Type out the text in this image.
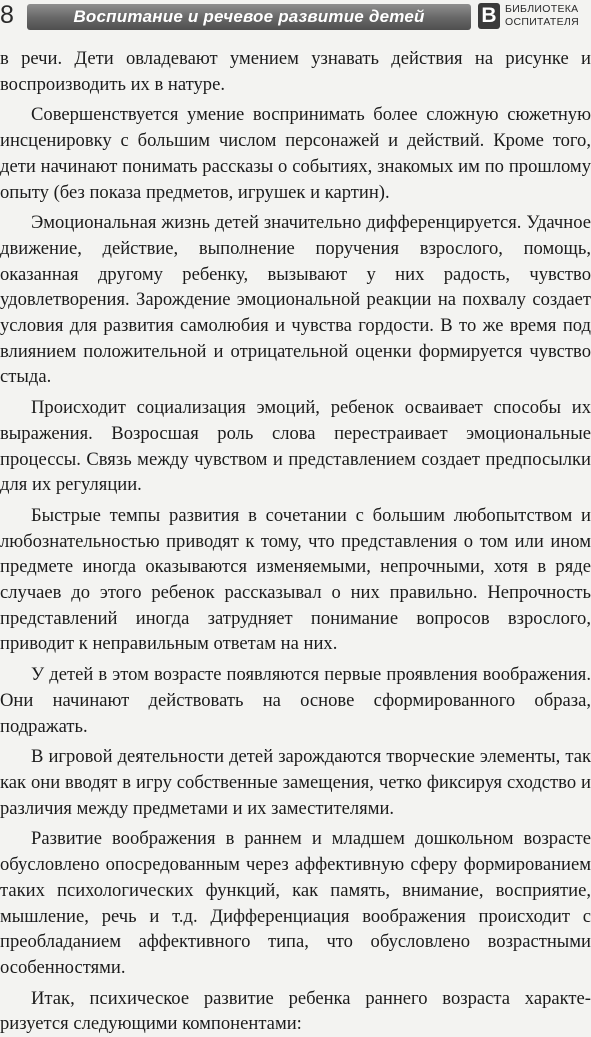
8	Воспитание и речевое развитие детей	В БИБЛИОТЕКА
ОСПИТАТЕЛЯ

в речи. Дети овладевают умением узнавать действия на рисунке и воспроизводить их в натуре.

Совершенствуется умение воспринимать более сложную сюжетную инсценировку с большим числом персонажей и действий. Кроме того, дети начинают понимать рассказы о событиях, знакомых им по прошлому опыту (без показа предметов, игрушек и картин).

Эмоциональная жизнь детей значительно дифференцируется. Удачное движение, действие, выполнение поручения взрослого, помощь, оказанная другому ребенку, вызывают у них радость, чувство удовлетворения. Зарождение эмоциональной реакции на похвалу создает условия для развития самолюбия и чувства гордости. В то же время под влиянием положительной и отрицательной оценки формируется чувство стыда.

Происходит социализация эмоций, ребенок осваивает способы их выражения. Возросшая роль слова перестраивает эмоциональные процессы. Связь между чувством и представлением создает предпосылки для их регуляции.

Быстрые темпы развития в сочетании с большим любопытством и любознательностью приводят к тому, что представления о том или ином предмете иногда оказываются изменяемыми, непрочными, хотя в ряде случаев до этого ребенок рассказывал о них правильно. Непрочность представлений иногда затрудняет понимание вопросов взрослого, приводит к неправильным ответам на них.

У детей в этом возрасте появляются первые проявления воображения. Они начинают действовать на основе сформированного образа, подражать.

В игровой деятельности детей зарождаются творческие элементы, так как они вводят в игру собственные замещения, четко фиксируя сходство и различия между предметами и их заместителями.

Развитие воображения в раннем и младшем дошкольном возрасте обусловлено опосредованным через аффективную сферу формированием таких психологических функций, как память, внимание, восприятие, мышление, речь и т.д. Дифференциация воображения происходит с преобладанием аффективного типа, что обусловлено возрастными особенностями.

Итак, психическое развитие ребенка раннего возраста характеризуется следующими компонентами:
